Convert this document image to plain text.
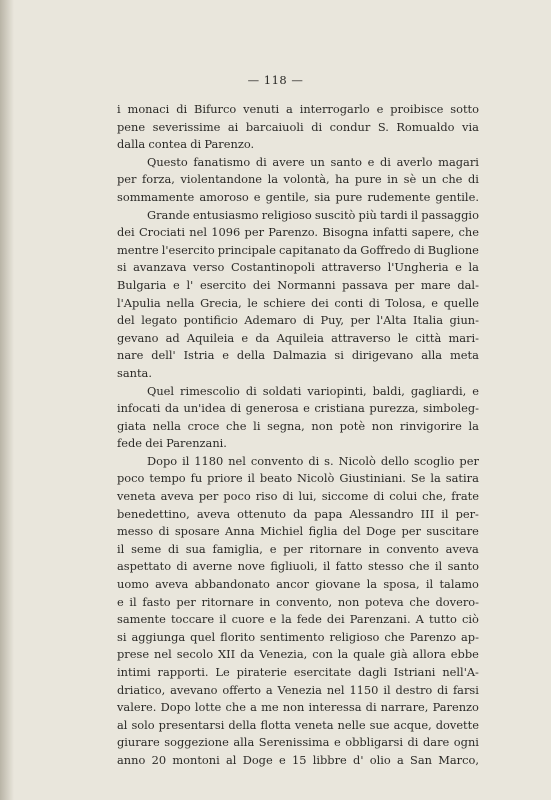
— 118 —
i monaci di Bifurco venuti a interrogarlo e proibisce sotto
pene severissime ai barcaiuoli di condur S. Romualdo via
dalla contea di Parenzo.
Questo fanatismo di avere un santo e di averlo magari
per forza, violentandone la volontà, ha pure in sè un che di
sommamente amoroso e gentile, sia pure rudemente gentile.
Grande entusiasmo religioso suscitò più tardi il passaggio
dei Crociati nel 1096 per Parenzo. Bisogna infatti sapere, che
mentre l'esercito principale capitanato da Goffredo di Buglione
si avanzava verso Costantinopoli attraverso l'Ungheria e la
Bulgaria e l' esercito dei Normanni passava per mare dal-
l'Apulia nella Grecia, le schiere dei conti di Tolosa, e quelle
del legato pontificio Ademaro di Puy, per l'Alta Italia giun-
gevano ad Aquileia e da Aquileia attraverso le città mari-
nare dell' Istria e della Dalmazia si dirigevano alla meta
santa.
Quel rimescolio di soldati variopinti, baldi, gagliardi, e
infocati da un'idea di generosa e cristiana purezza, simboleg-
giata nella croce che li segna, non potè non rinvigorire la
fede dei Parenzani.
Dopo il 1180 nel convento di s. Nicolò dello scoglio per
poco tempo fu priore il beato Nicolò Giustiniani. Se la satira
veneta aveva per poco riso di lui, siccome di colui che, frate
benedettino, aveva ottenuto da papa Alessandro III il per-
messo di sposare Anna Michiel figlia del Doge per suscitare
il seme di sua famiglia, e per ritornare in convento aveva
aspettato di averne nove figliuoli, il fatto stesso che il santo
uomo aveva abbandonato ancor giovane la sposa, il talamo
e il fasto per ritornare in convento, non poteva che dovero-
samente toccare il cuore e la fede dei Parenzani. A tutto ciò
si aggiunga quel florito sentimento religioso che Parenzo ap-
prese nel secolo XII da Venezia, con la quale già allora ebbe
intimi rapporti. Le piraterie esercitate dagli Istriani nell'A-
driatico, avevano offerto a Venezia nel 1150 il destro di farsi
valere. Dopo lotte che a me non interessa di narrare, Parenzo
al solo presentarsi della flotta veneta nelle sue acque, dovette
giurare soggezione alla Serenissima e obbligarsi di dare ogni
anno 20 montoni al Doge e 15 libbre d' olio a San Marco,
